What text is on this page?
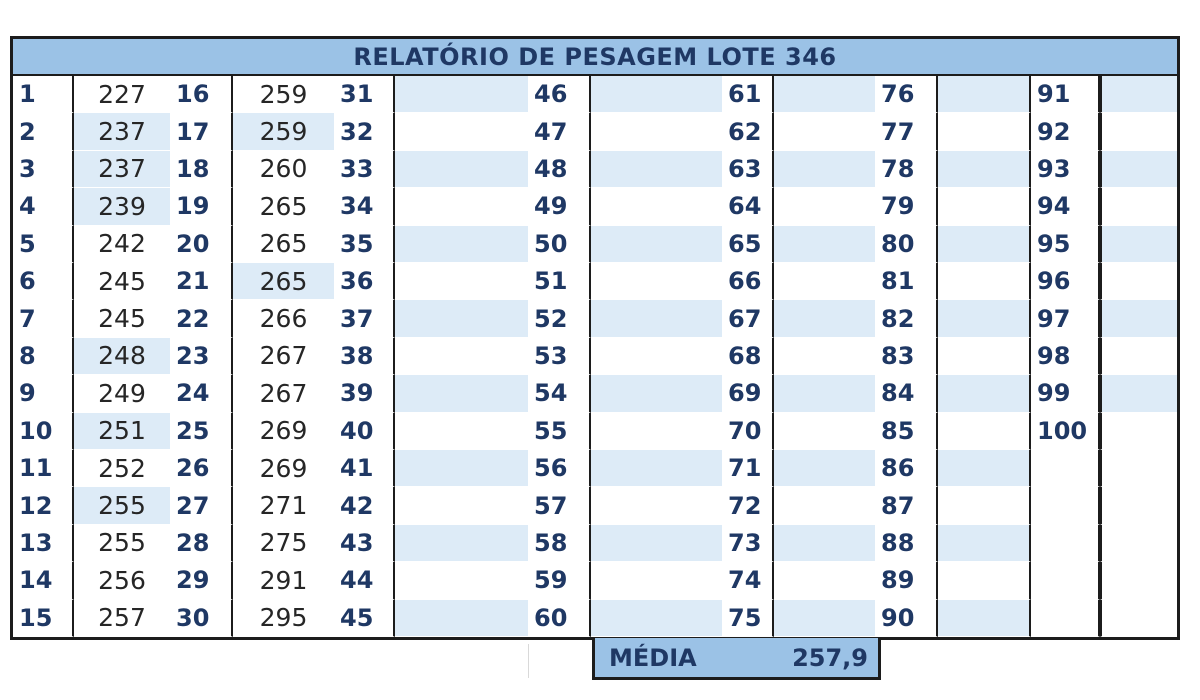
RELATÓRIO DE PESAGEM LOTE 346
1	227	16	259	31	46	61	76	91
2	237	17	259	32	47	62	77	92
3	237	18	260	33	48	63	78	93
4	239	19	265	34	49	64	79	94
5	242	20	265	35	50	65	80	95
6	245	21	265	36	51	66	81	96
7	245	22	266	37	52	67	82	97
8	248	23	267	38	53	68	83	98
9	249	24	267	39	54	69	84	99
10	251	25	269	40	55	70	85	100
11	252	26	269	41	56	71	86
12	255	27	271	42	57	72	87
13	255	28	275	43	58	73	88
14	256	29	291	44	59	74	89
15	257	30	295	45	60	75	90
MÉDIA	257,9
